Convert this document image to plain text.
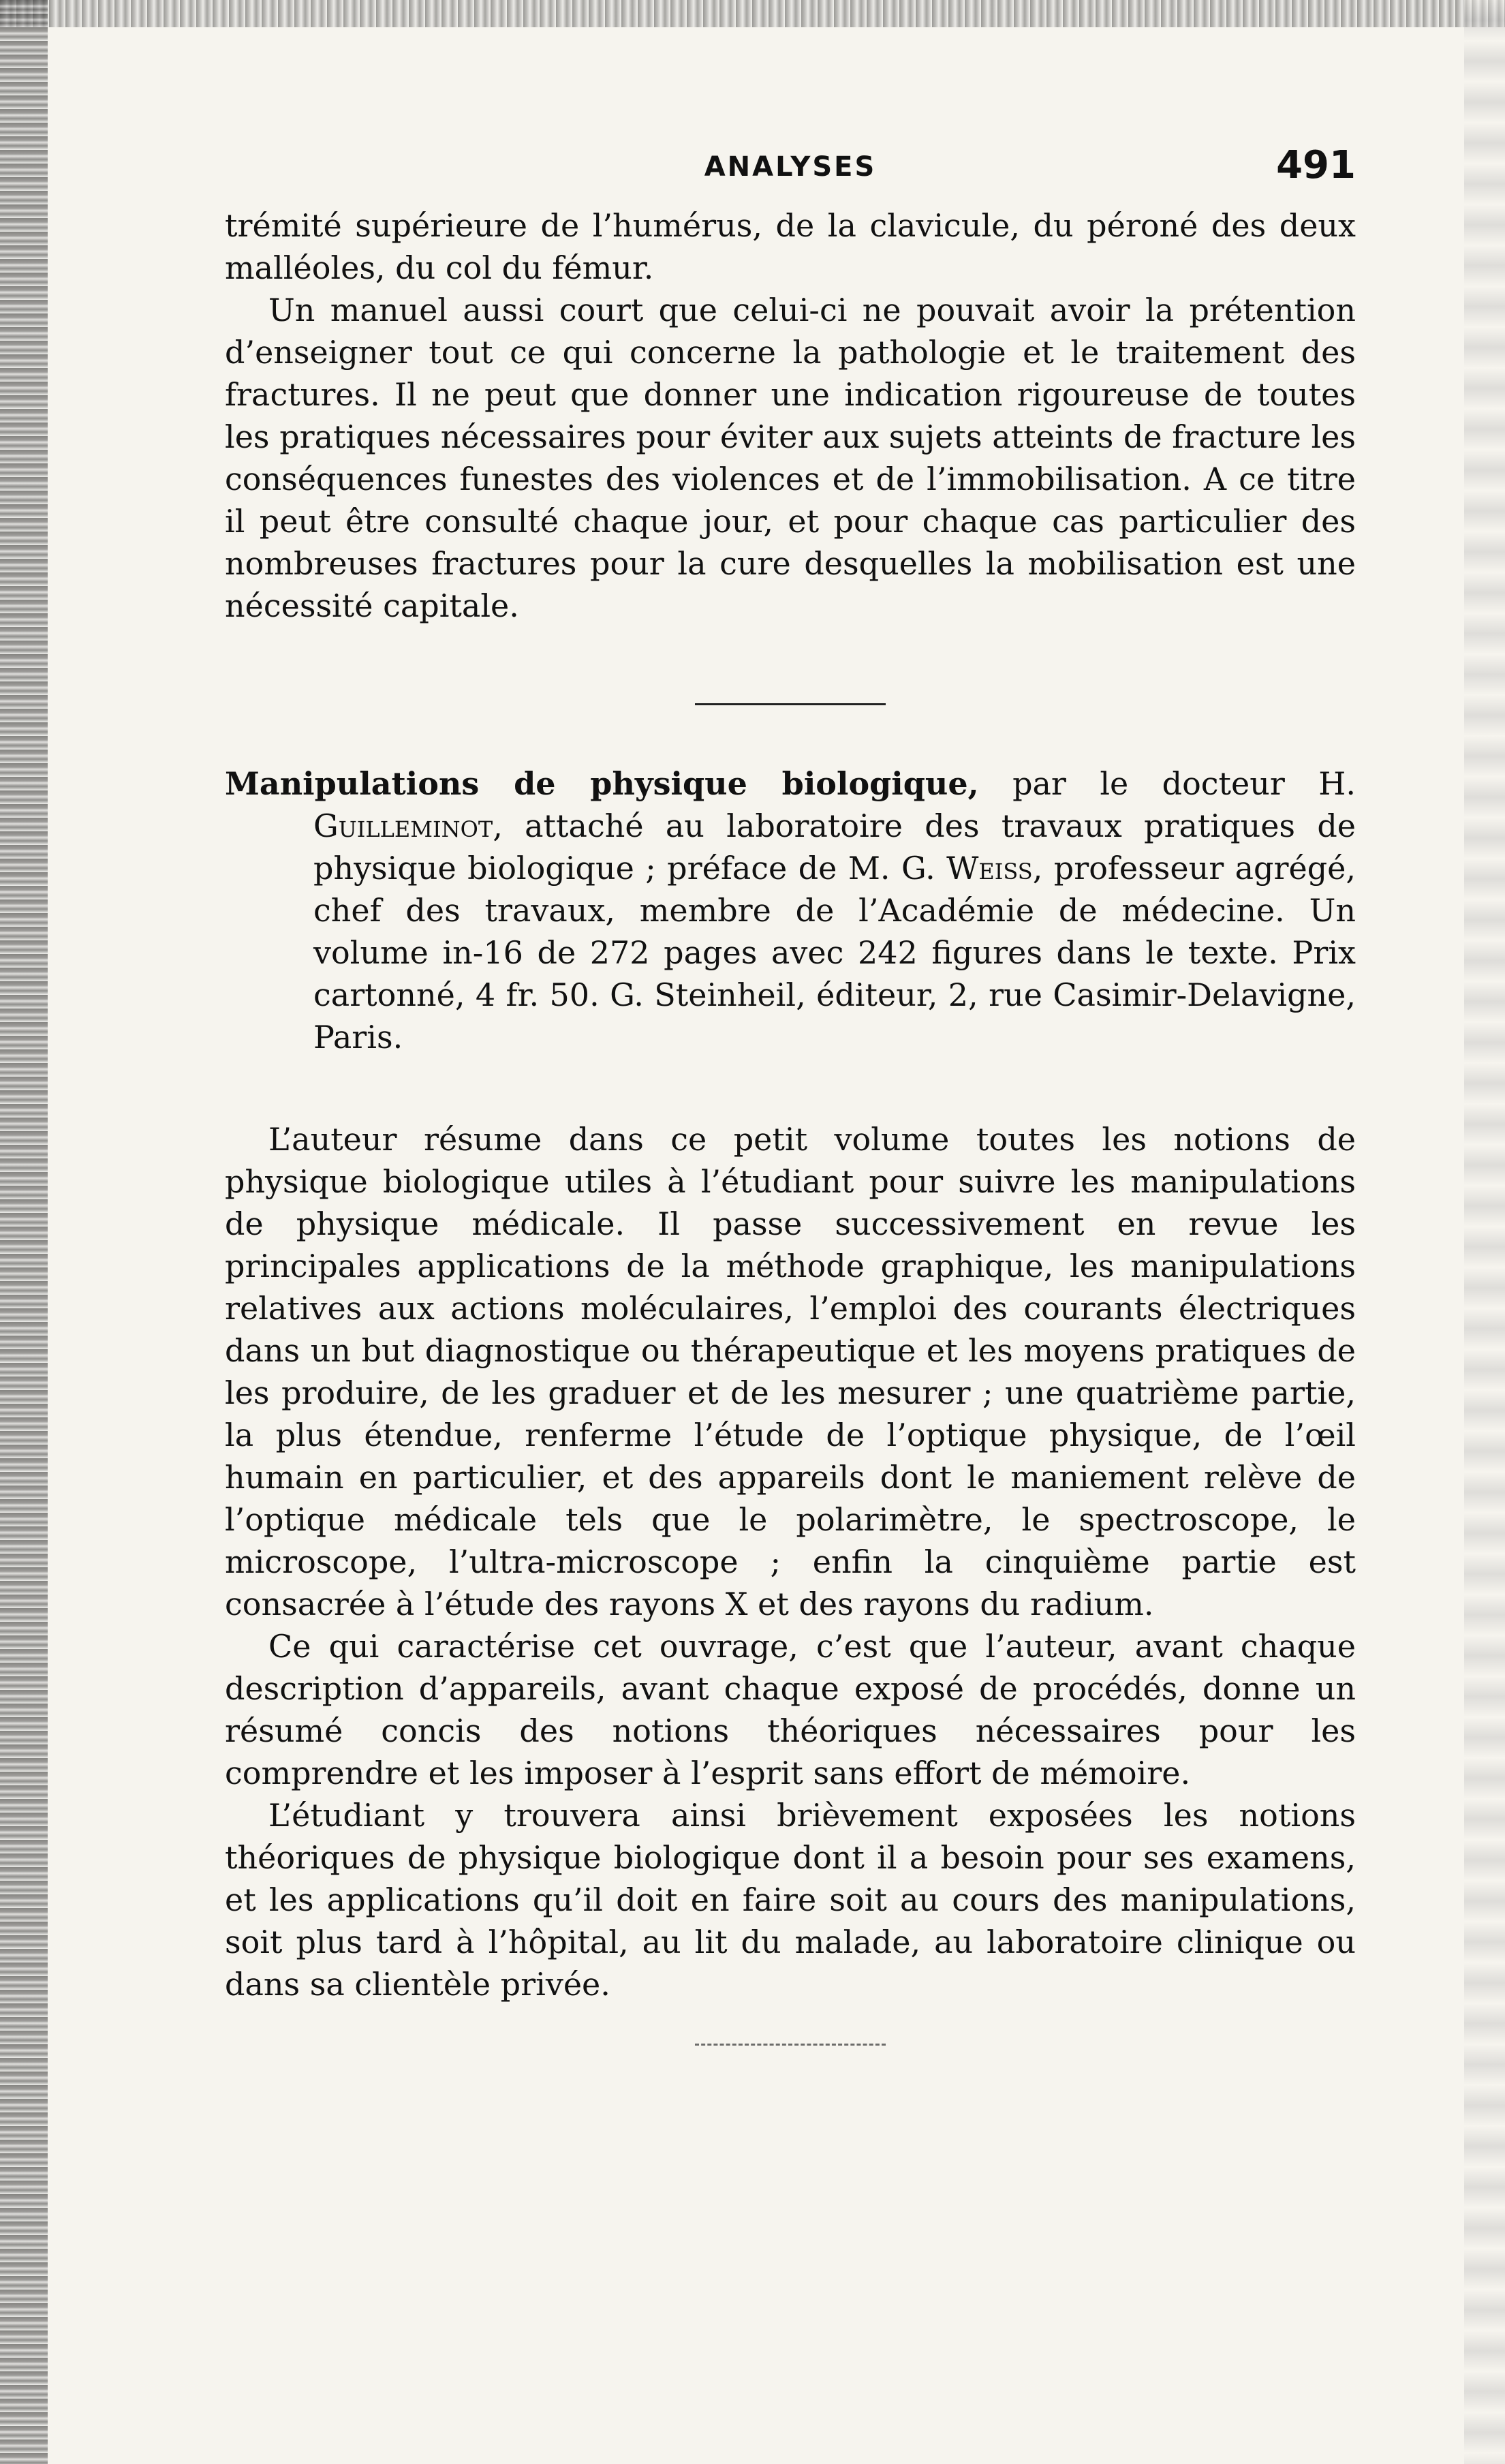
ANALYSES	491

trémité supérieure de l’humérus, de la clavicule, du péroné des deux malléoles, du col du fémur.

Un manuel aussi court que celui-ci ne pouvait avoir la prétention d’enseigner tout ce qui concerne la pathologie et le traitement des fractures. Il ne peut que donner une indication rigoureuse de toutes les pratiques nécessaires pour éviter aux sujets atteints de fracture les conséquences funestes des violences et de l’immobilisation. A ce titre il peut être consulté chaque jour, et pour chaque cas particulier des nombreuses fractures pour la cure desquelles la mobilisation est une nécessité capitale.

Manipulations de physique biologique, par le docteur H. Guilleminot, attaché au laboratoire des travaux pratiques de physique biologique ; préface de M. G. Weiss, professeur agrégé, chef des travaux, membre de l’Académie de médecine. Un volume in-16 de 272 pages avec 242 figures dans le texte. Prix cartonné, 4 fr. 50. G. Steinheil, éditeur, 2, rue Casimir-Delavigne, Paris.

L’auteur résume dans ce petit volume toutes les notions de physique biologique utiles à l’étudiant pour suivre les manipulations de physique médicale. Il passe successivement en revue les principales applications de la méthode graphique, les manipulations relatives aux actions moléculaires, l’emploi des courants électriques dans un but diagnostique ou thérapeutique et les moyens pratiques de les produire, de les graduer et de les mesurer ; une quatrième partie, la plus étendue, renferme l’étude de l’optique physique, de l’œil humain en particulier, et des appareils dont le maniement relève de l’optique médicale tels que le polarimètre, le spectroscope, le microscope, l’ultra-microscope ; enfin la cinquième partie est consacrée à l’étude des rayons X et des rayons du radium.

Ce qui caractérise cet ouvrage, c’est que l’auteur, avant chaque description d’appareils, avant chaque exposé de procédés, donne un résumé concis des notions théoriques nécessaires pour les comprendre et les imposer à l’esprit sans effort de mémoire.

L’étudiant y trouvera ainsi brièvement exposées les notions théoriques de physique biologique dont il a besoin pour ses examens, et les applications qu’il doit en faire soit au cours des manipulations, soit plus tard à l’hôpital, au lit du malade, au laboratoire clinique ou dans sa clientèle privée.
